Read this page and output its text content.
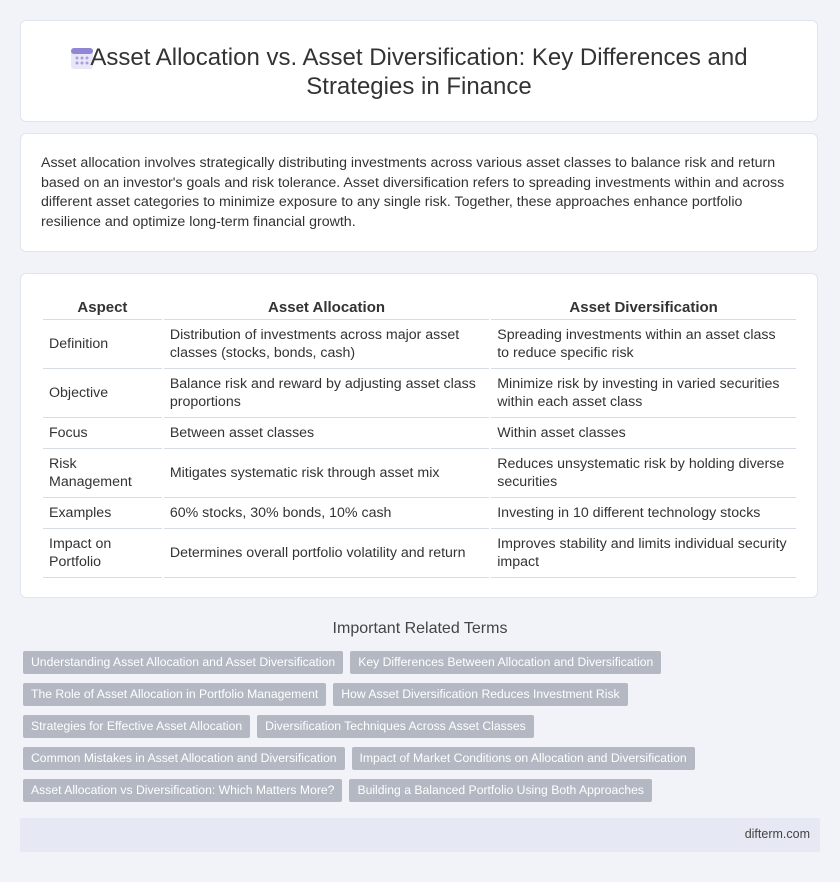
Asset Allocation vs. Asset Diversification: Key Differences and Strategies in Finance

Asset allocation involves strategically distributing investments across various asset classes to balance risk and return based on an investor's goals and risk tolerance. Asset diversification refers to spreading investments within and across different asset categories to minimize exposure to any single risk. Together, these approaches enhance portfolio resilience and optimize long-term financial growth.

Aspect	Asset Allocation	Asset Diversification
Definition	Distribution of investments across major asset classes (stocks, bonds, cash)	Spreading investments within an asset class to reduce specific risk
Objective	Balance risk and reward by adjusting asset class proportions	Minimize risk by investing in varied securities within each asset class
Focus	Between asset classes	Within asset classes
Risk Management	Mitigates systematic risk through asset mix	Reduces unsystematic risk by holding diverse securities
Examples	60% stocks, 30% bonds, 10% cash	Investing in 10 different technology stocks
Impact on Portfolio	Determines overall portfolio volatility and return	Improves stability and limits individual security impact
Important Related Terms
Understanding Asset Allocation and Asset Diversification	Key Differences Between Allocation and Diversification
The Role of Asset Allocation in Portfolio Management	How Asset Diversification Reduces Investment Risk
Strategies for Effective Asset Allocation	Diversification Techniques Across Asset Classes
Common Mistakes in Asset Allocation and Diversification	Impact of Market Conditions on Allocation and Diversification
Asset Allocation vs Diversification: Which Matters More?	Building a Balanced Portfolio Using Both Approaches
difterm.com
